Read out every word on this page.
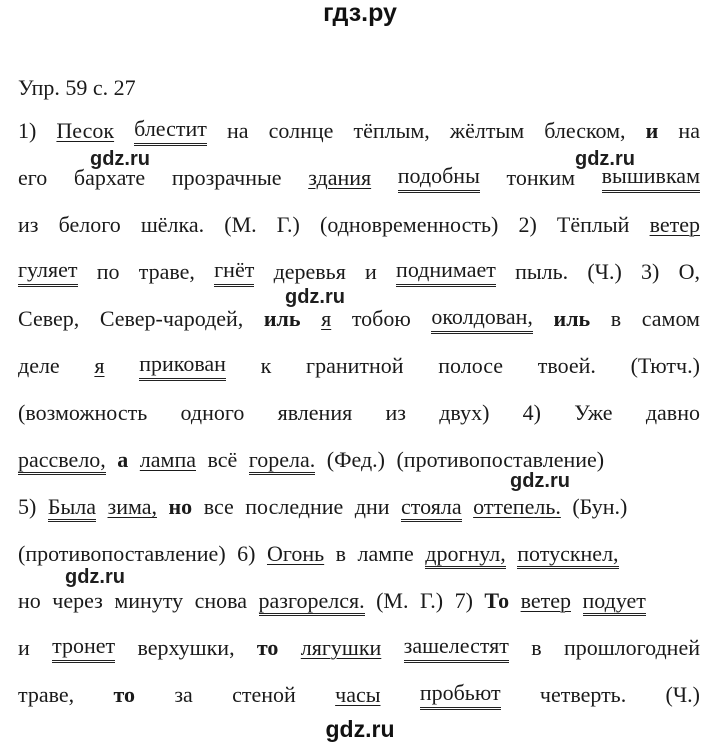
гдз.ру
Упр. 59 с. 27
1) Песок блестит на солнце тёплым, жёлтым блеском, и на
его бархате прозрачные здания подобны тонким вышивкам
из белого шёлка. (М. Г.) (одновременность) 2) Тёплый ветер
гуляет по траве, гнёт деревья и поднимает пыль. (Ч.) 3) О,
Север, Север-чародей, иль я тобою околдован, иль в самом
деле я прикован к гранитной полосе твоей. (Тютч.)
(возможность одного явления из двух) 4) Уже давно
рассвело, а лампа всё горела. (Фед.) (противопоставление)
5) Была зима, но все последние дни стояла оттепель. (Бун.)
(противопоставление) 6) Огонь в лампе дрогнул, потускнел,
но через минуту снова разгорелся. (М. Г.) 7) То ветер подует
и тронет верхушки, то лягушки зашелестят в прошлогодней
траве, то за стеной часы пробьют четверть. (Ч.)
gdz.ru	gdz.ru
gdz.ru
gdz.ru
gdz.ru
gdz.ru
